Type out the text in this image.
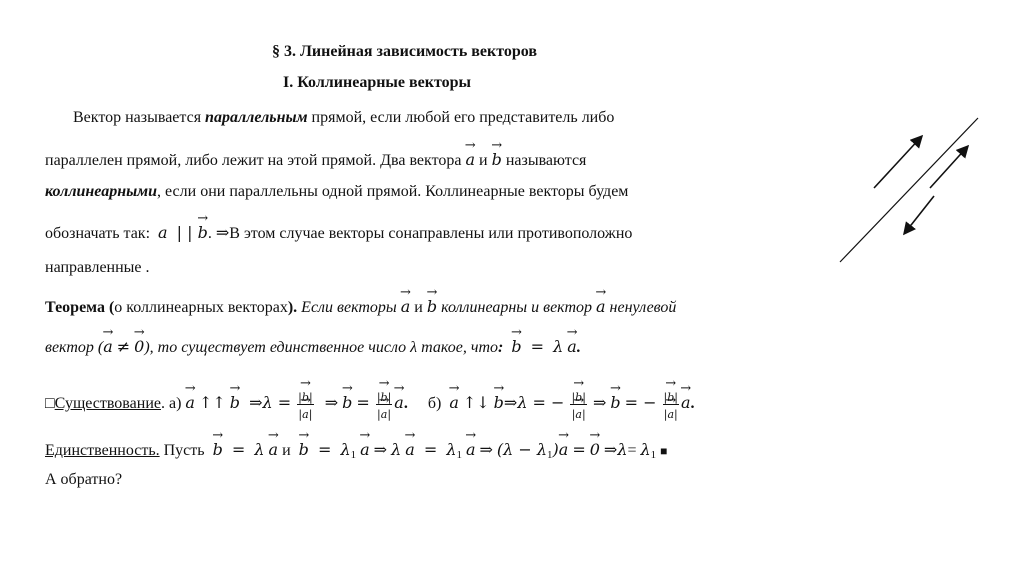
§ 3. Линейная зависимость векторов
I. Коллинеарные векторы
Вектор называется параллельным прямой, если любой его представитель либо
параллелен прямой, либо лежит на этой прямой. Два вектора → a и → b называются
коллинеарными, если они параллельны одной прямой. Коллинеарные векторы будем
обозначать так: a  | | → b. ⇒В этом случае векторы сонаправлены или противоположно
направленные .
Теорема (о коллинеарных векторах). Если векторы → a и → b коллинеарны и вектор → a ненулевой
вектор (→ a ≠ → 0), то существует единственное число λ такое, что:  → b  =  λ → a.
□Существование. а) → a ↑↑ → b  ⇒λ = $\frac{|\to b|}{|\to a|}$ ⇒ → $b = \frac{|\to b|}{|\to a|}$
→ a. б)  → a ↑↓ → b⇒λ = − $\frac{|\to b|}{|\to a|}$ ⇒ → b = − $\frac{|\to b|}{|\to a|}$
→ a.
Единственность. Пусть  → b  =  λ → a $и \to b = \lambda_1 \to a$ ⇒ $\lambda \to a = \lambda_1 \to a$ ⇒ $(\lambda - \lambda_1)\to a$ = → 0 ⇒λ= $\lambda_1$ ■
А обратно?
